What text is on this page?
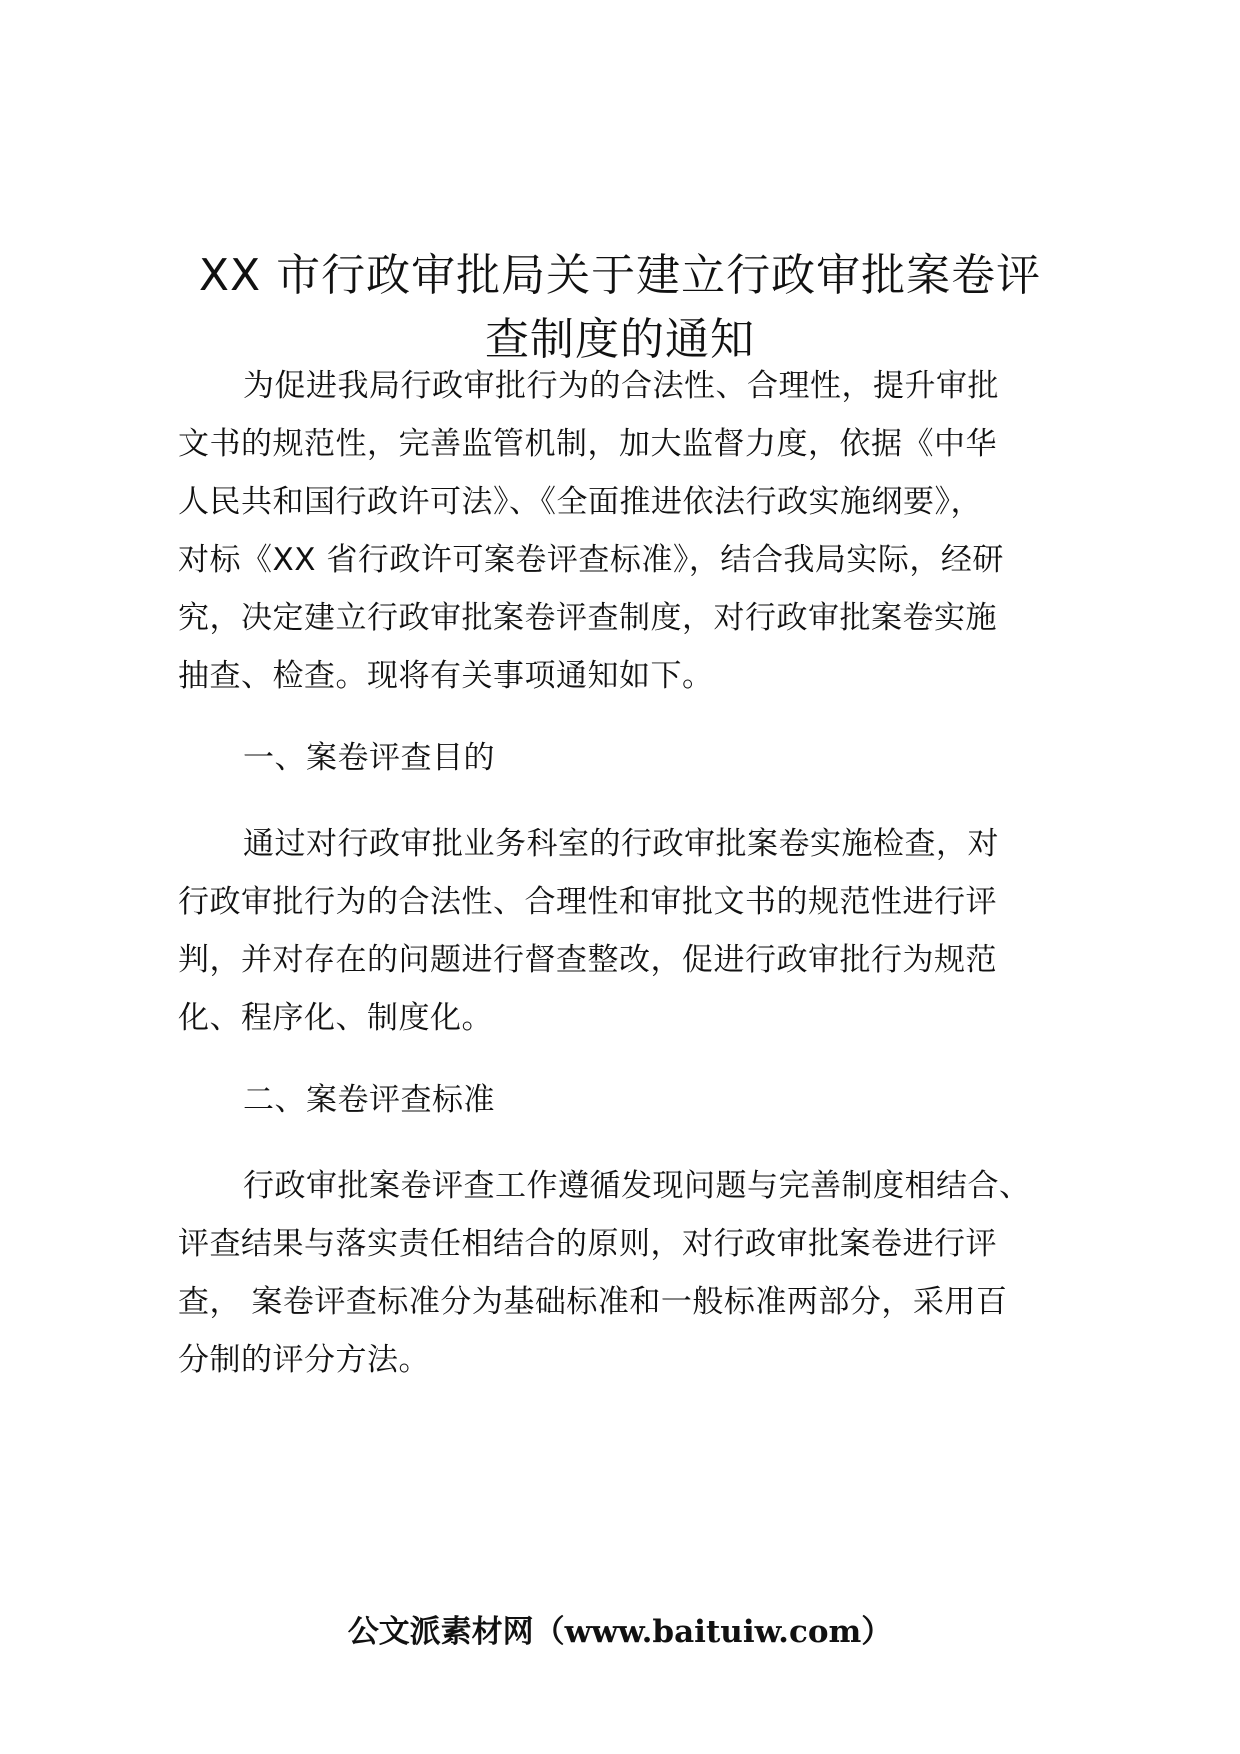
XX 市行政审批局关于建立行政审批案卷评
查制度的通知

为促进我局行政审批行为的合法性、合理性，提升审批

文书的规范性，完善监管机制，加大监督力度，依据《中华

人民共和国行政许可法》、《全面推进依法行政实施纲要》，

对标《XX 省行政许可案卷评查标准》，结合我局实际，经研

究，决定建立行政审批案卷评查制度，对行政审批案卷实施

抽查、检查。现将有关事项通知如下。

一、案卷评查目的

通过对行政审批业务科室的行政审批案卷实施检查，对

行政审批行为的合法性、合理性和审批文书的规范性进行评

判，并对存在的问题进行督查整改，促进行政审批行为规范

化、程序化、制度化。

二、案卷评查标准

行政审批案卷评查工作遵循发现问题与完善制度相结合、

评查结果与落实责任相结合的原则，对行政审批案卷进行评

查， 案卷评查标准分为基础标准和一般标准两部分，采用百

分制的评分方法。

公文派素材网（www.baituiw.com）
